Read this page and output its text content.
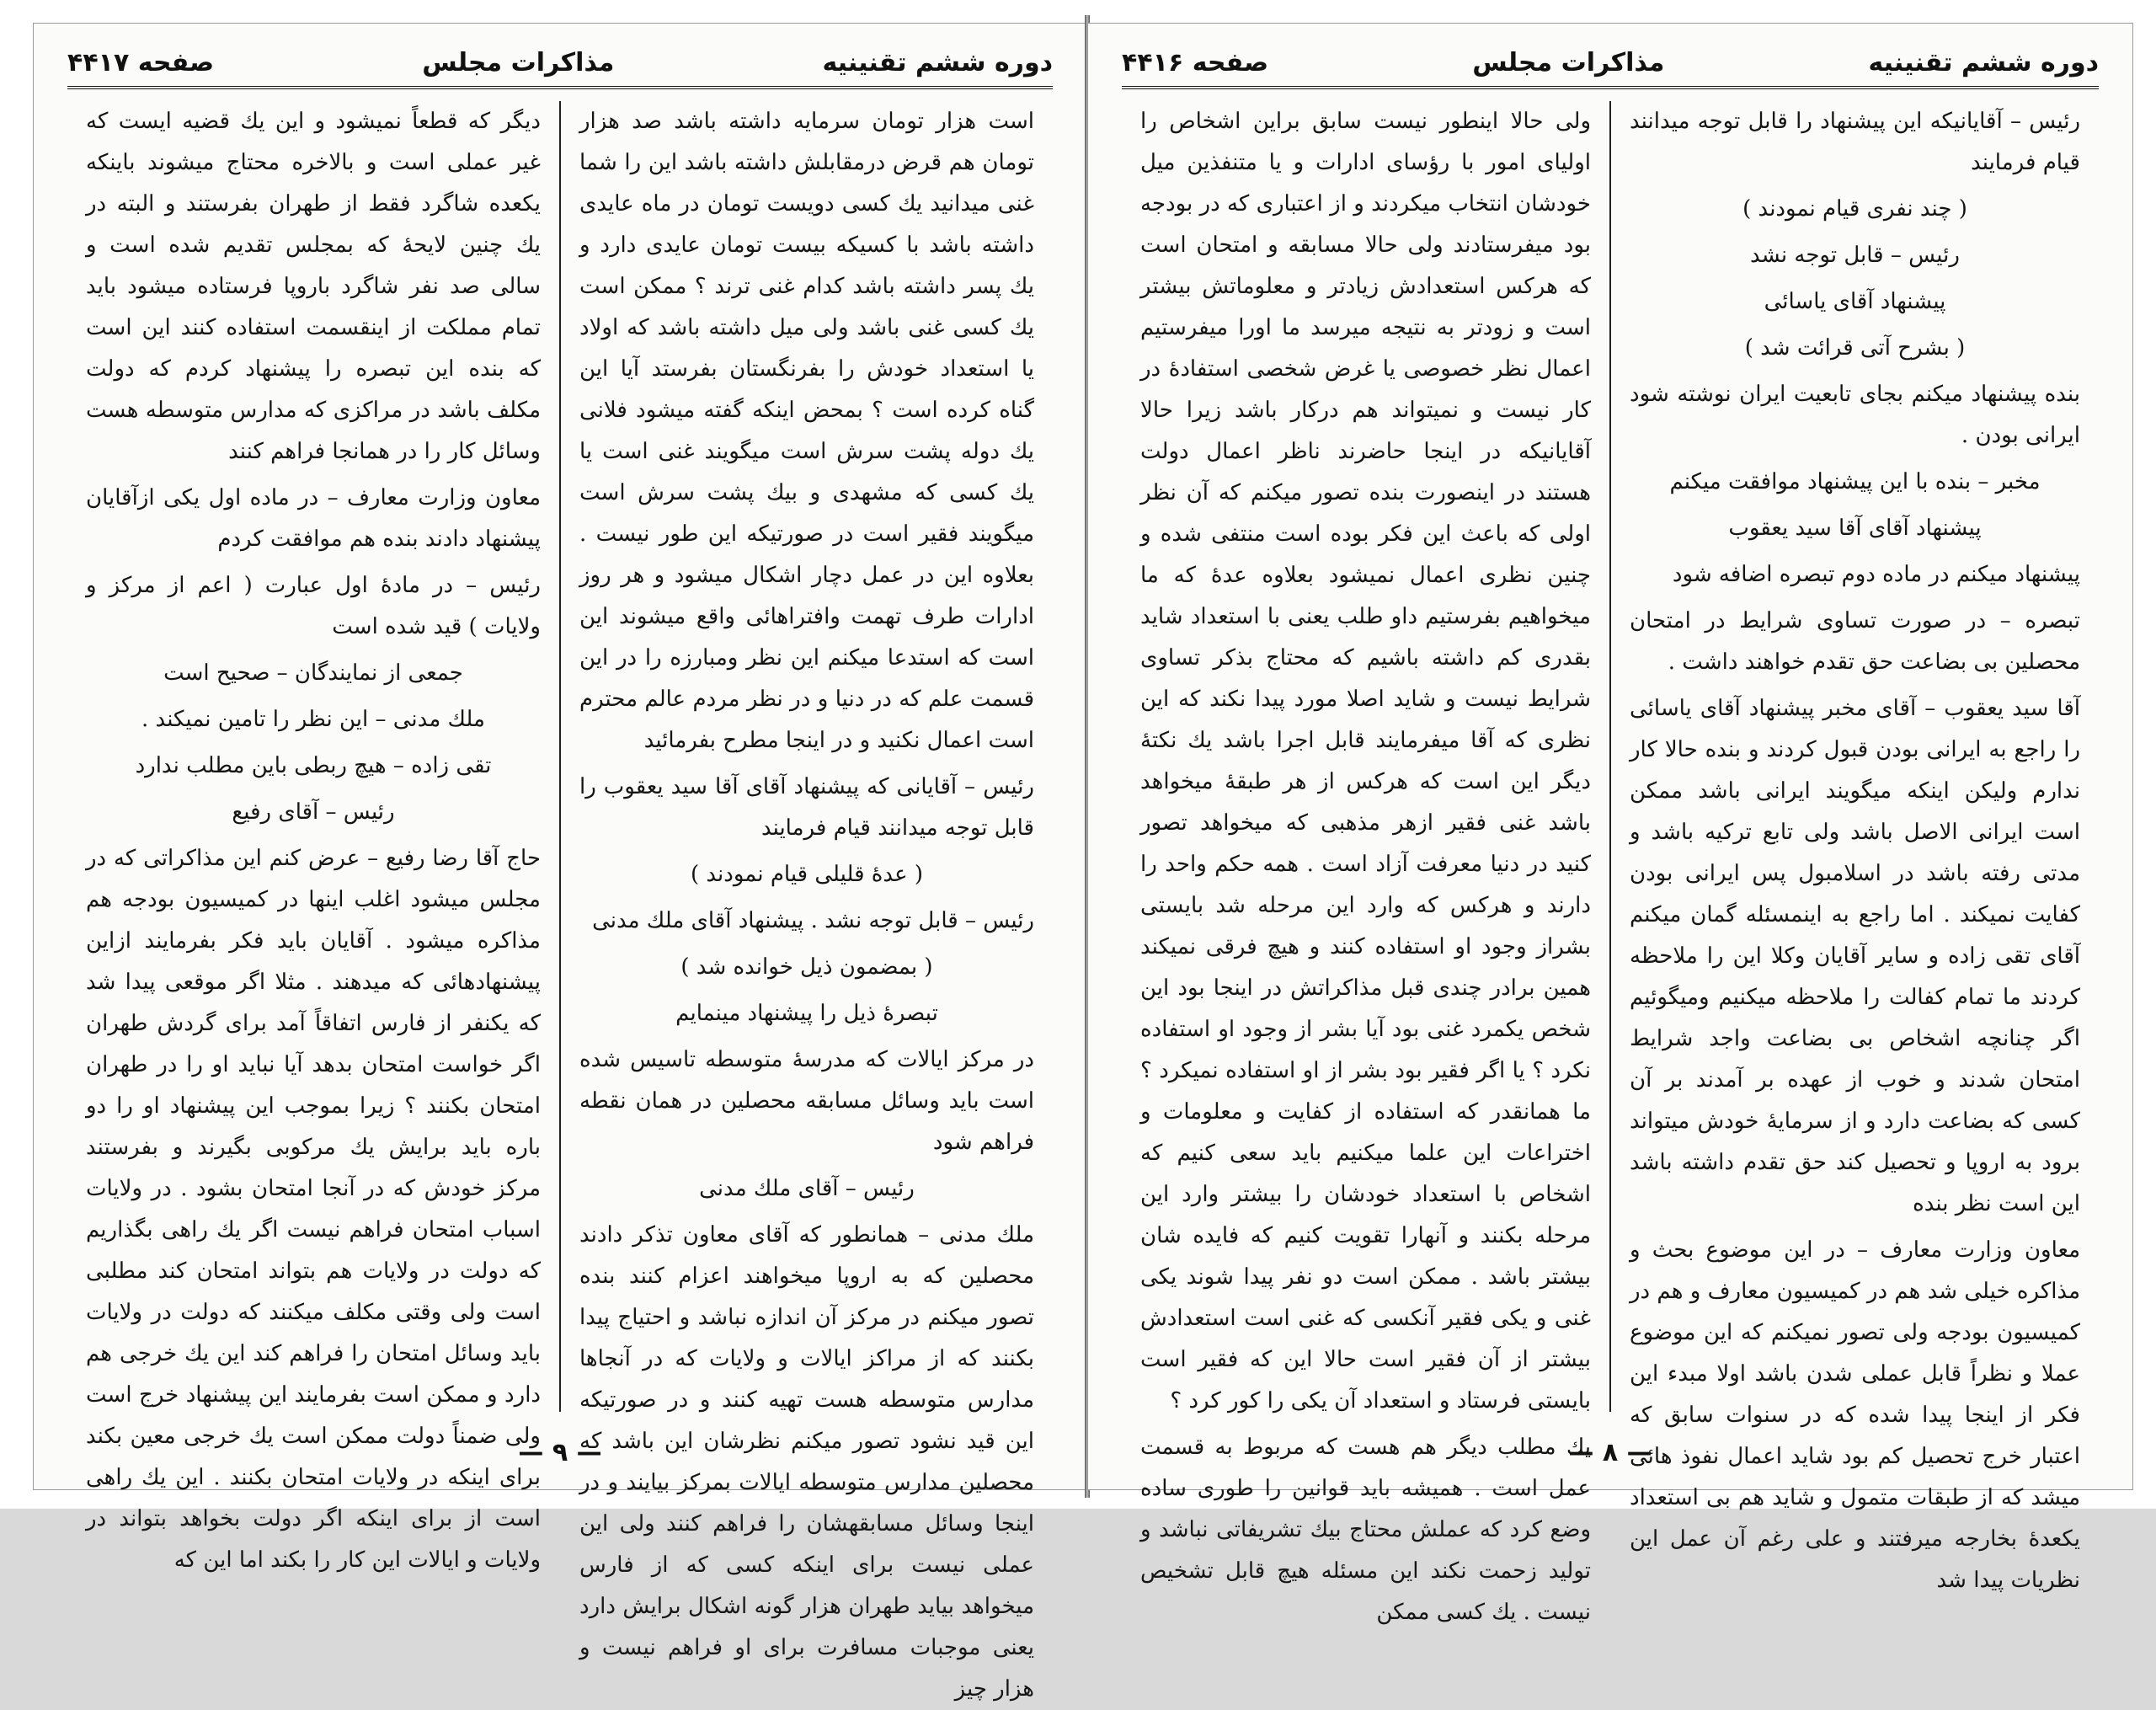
دوره ششم تقنینیه
مذاکرات مجلس
صفحه ۴۴۱۷

است هزار تومان سرمایه داشته باشد صد هزار تومان هم قرض درمقابلش داشته باشد این را شما غنی میدانید یك کسی دویست تومان در ماه عایدی داشته باشد با کسیکه بیست تومان عایدی دارد و یك پسر داشته باشد کدام غنی ترند ؟ ممکن است یك کسی غنی باشد ولی میل داشته باشد که اولاد یا استعداد خودش را بفرنگستان بفرستد آیا این گناه کرده است ؟ بمحض اینکه گفته میشود فلانی یك دوله پشت سرش است میگویند غنی است یا یك کسی که مشهدی و بیك پشت سرش است میگویند فقیر است در صورتیکه این طور نیست . بعلاوه این در عمل دچار اشکال میشود و هر روز ادارات طرف تهمت وافتراهائی واقع میشوند این است که استدعا میکنم این نظر ومبارزه را در این قسمت علم که در دنیا و در نظر مردم عالم محترم است اعمال نکنید و در اینجا مطرح بفرمائید

رئیس – آقایانی که پیشنهاد آقای آقا سید یعقوب را قابل توجه میدانند قیام فرمایند

( عدهٔ قلیلی قیام نمودند )

رئیس – قابل توجه نشد . پیشنهاد آقای ملك مدنی

( بمضمون ذیل خوانده شد )

تبصرهٔ ذیل را پیشنهاد مینمایم

در مرکز ایالات که مدرسهٔ متوسطه تاسیس شده است باید وسائل مسابقه محصلین در همان نقطه فراهم شود

رئیس – آقای ملك مدنی

ملك مدنی – همانطور که آقای معاون تذکر دادند محصلین که به اروپا میخواهند اعزام کنند بنده تصور میکنم در مرکز آن اندازه نباشد و احتیاج پیدا بکنند که از مراکز ایالات و ولایات که در آنجاها مدارس متوسطه هست تهیه کنند و در صورتیکه این قید نشود تصور میکنم نظرشان این باشد که محصلین مدارس متوسطه ایالات بمرکز بیایند و در اینجا وسائل مسابقهشان را فراهم کنند ولی این عملی نیست برای اینکه کسی که از فارس میخواهد بیاید طهران هزار گونه اشکال برایش دارد یعنی موجبات مسافرت برای او فراهم نیست و هزار چیز

دیگر که قطعاً نمیشود و این یك قضیه ایست که غیر عملی است و بالاخره محتاج میشوند باینکه یکعده شاگرد فقط از طهران بفرستند و البته در یك چنین لایحهٔ که بمجلس تقدیم شده است و سالی صد نفر شاگرد باروپا فرستاده میشود باید تمام مملکت از اینقسمت استفاده کنند این است که بنده این تبصره را پیشنهاد کردم که دولت مکلف باشد در مراکزی که مدارس متوسطه هست وسائل کار را در همانجا فراهم کنند

معاون وزارت معارف – در ماده اول یکی ازآقایان پیشنهاد دادند بنده هم موافقت کردم

رئیس – در مادهٔ اول عبارت ( اعم از مرکز و ولایات ) قید شده است

جمعی از نمایندگان – صحیح است

ملك مدنی – این نظر را تامین نمیکند .

تقی زاده – هیچ ربطی باین مطلب ندارد

رئیس – آقای رفیع

حاج آقا رضا رفیع – عرض کنم این مذاکراتی که در مجلس میشود اغلب اینها در کمیسیون بودجه هم مذاکره میشود . آقایان باید فکر بفرمایند ازاین پیشنهادهائی که میدهند . مثلا اگر موقعی پیدا شد که یکنفر از فارس اتفاقاً آمد برای گردش طهران اگر خواست امتحان بدهد آیا نباید او را در طهران امتحان بکنند ؟ زیرا بموجب این پیشنهاد او را دو باره باید برایش یك مرکوبی بگیرند و بفرستند مرکز خودش که در آنجا امتحان بشود . در ولایات اسباب امتحان فراهم نیست اگر یك راهی بگذاریم که دولت در ولایات هم بتواند امتحان کند مطلبی است ولی وقتی مکلف میکنند که دولت در ولایات باید وسائل امتحان را فراهم کند این یك خرجی هم دارد و ممکن است بفرمایند این پیشنهاد خرج است ولی ضمناً دولت ممکن است یك خرجی معین بکند برای اینکه در ولایات امتحان بکنند . این یك راهی است از برای اینکه اگر دولت بخواهد بتواند در ولایات و ایالات این کار را بکند اما این که

— ۹ —
دوره ششم تقنینیه
مذاکرات مجلس
صفحه ۴۴۱۶

رئیس – آقایانیکه این پیشنهاد را قابل توجه میدانند قیام فرمایند

( چند نفری قیام نمودند )

رئیس – قابل توجه نشد

پیشنهاد آقای یاسائی

( بشرح آتی قرائت شد )

بنده پیشنهاد میکنم بجای تابعیت ایران نوشته شود ایرانی بودن .

مخبر – بنده با این پیشنهاد موافقت میکنم

پیشنهاد آقای آقا سید یعقوب

پیشنهاد میکنم در ماده دوم تبصره اضافه شود

تبصره – در صورت تساوی شرایط در امتحان محصلین بی بضاعت حق تقدم خواهند داشت .

آقا سید یعقوب – آقای مخبر پیشنهاد آقای یاسائی را راجع به ایرانی بودن قبول کردند و بنده حالا کار ندارم ولیکن اینکه میگویند ایرانی باشد ممکن است ایرانی الاصل باشد ولی تابع ترکیه باشد و مدتی رفته باشد در اسلامبول پس ایرانی بودن کفایت نمیکند . اما راجع به اینمسئله گمان میکنم آقای تقی زاده و سایر آقایان وکلا این را ملاحظه کردند ما تمام کفالت را ملاحظه میکنیم ومیگوئیم اگر چنانچه اشخاص بی بضاعت واجد شرایط امتحان شدند و خوب از عهده بر آمدند بر آن کسی که بضاعت دارد و از سرمایهٔ خودش میتواند برود به اروپا و تحصیل کند حق تقدم داشته باشد این است نظر بنده

معاون وزارت معارف – در این موضوع بحث و مذاکره خیلی شد هم در کمیسیون معارف و هم در کمیسیون بودجه ولی تصور نمیکنم که این موضوع عملا و نظراً قابل عملی شدن باشد اولا مبدء این فکر از اینجا پیدا شده که در سنوات سابق که اعتبار خرج تحصیل کم بود شاید اعمال نفوذ هائی میشد که از طبقات متمول و شاید هم بی استعداد یکعدهٔ بخارجه میرفتند و علی رغم آن عمل این نظریات پیدا شد

ولی حالا اینطور نیست سابق براین اشخاص را اولیای امور با رؤسای ادارات و یا متنفذین میل خودشان انتخاب میکردند و از اعتباری که در بودجه بود میفرستادند ولی حالا مسابقه و امتحان است که هرکس استعدادش زیادتر و معلوماتش بیشتر است و زودتر به نتیجه میرسد ما اورا میفرستیم اعمال نظر خصوصی یا غرض شخصی استفادهٔ در کار نیست و نمیتواند هم درکار باشد زیرا حالا آقایانیکه در اینجا حاضرند ناظر اعمال دولت هستند در اینصورت بنده تصور میکنم که آن نظر اولی که باعث این فکر بوده است منتفی شده و چنین نظری اعمال نمیشود بعلاوه عدهٔ که ما میخواهیم بفرستیم داو طلب یعنی با استعداد شاید بقدری کم داشته باشیم که محتاج بذکر تساوی شرایط نیست و شاید اصلا مورد پیدا نکند که این نظری که آقا میفرمایند قابل اجرا باشد یك نکتهٔ دیگر این است که هرکس از هر طبقهٔ میخواهد باشد غنی فقیر ازهر مذهبی که میخواهد تصور کنید در دنیا معرفت آزاد است . همه حکم واحد را دارند و هرکس که وارد این مرحله شد بایستی بشراز وجود او استفاده کنند و هیچ فرقی نمیکند همین برادر چندی قبل مذاکراتش در اینجا بود این شخص یکمرد غنی بود آیا بشر از وجود او استفاده نکرد ؟ یا اگر فقیر بود بشر از او استفاده نمیکرد ؟ ما همانقدر که استفاده از کفایت و معلومات و اختراعات این علما میکنیم باید سعی کنیم که اشخاص با استعداد خودشان را بیشتر وارد این مرحله بکنند و آنهارا تقویت کنیم که فایده شان بیشتر باشد . ممکن است دو نفر پیدا شوند یکی غنی و یکی فقیر آنکسی که غنی است استعدادش بیشتر از آن فقیر است حالا این که فقیر است بایستی فرستاد و استعداد آن یکی را کور کرد ؟

یك مطلب دیگر هم هست که مربوط به قسمت عمل است . همیشه باید قوانین را طوری ساده وضع کرد که عملش محتاج بیك تشریفاتی نباشد و تولید زحمت نکند این مسئله هیچ قابل تشخیص نیست . یك کسی ممکن

— ۸ —
